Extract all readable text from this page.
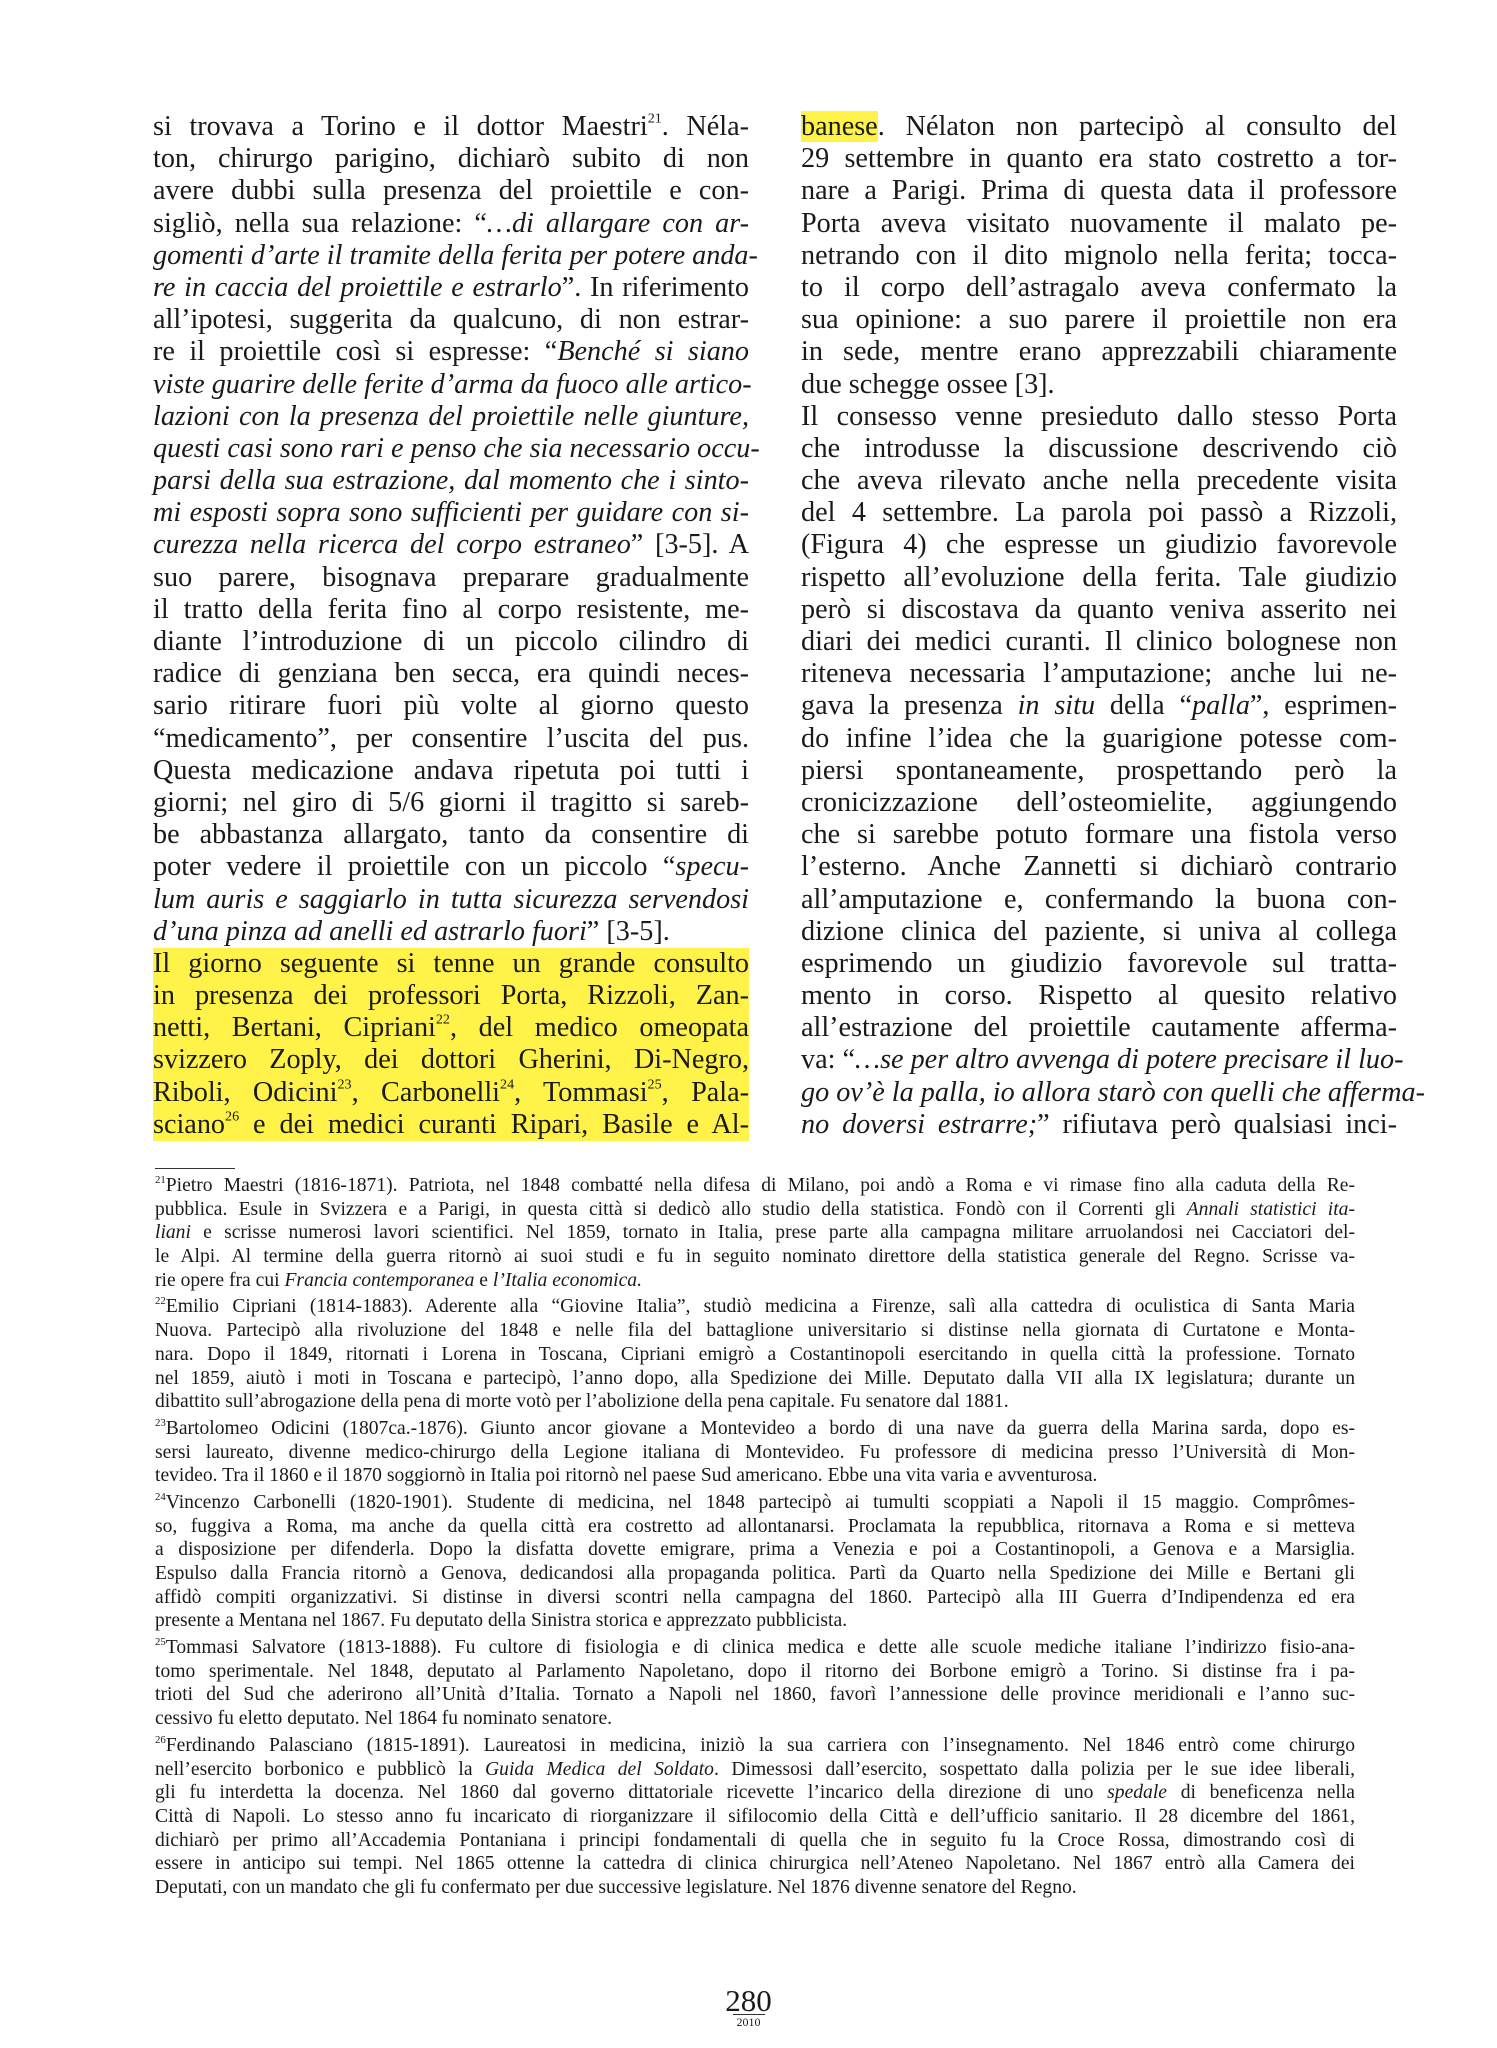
si trovava a Torino e il dottor Maestri$^{21}$. Néla-
ton, chirurgo parigino, dichiarò subito di non
avere dubbi sulla presenza del proiettile e con-
sigliò, nella sua relazione: “…di allargare con ar-
gomenti d’arte il tramite della ferita per potere anda-
re in caccia del proiettile e estrarlo”. In riferimento
all’ipotesi, suggerita da qualcuno, di non estrar-
re il proiettile così si espresse: “Benché si siano
viste guarire delle ferite d’arma da fuoco alle artico-
lazioni con la presenza del proiettile nelle giunture,
questi casi sono rari e penso che sia necessario occu-
parsi della sua estrazione, dal momento che i sinto-
mi esposti sopra sono sufficienti per guidare con si-
curezza nella ricerca del corpo estraneo” [3-5]. A
suo parere, bisognava preparare gradualmente
il tratto della ferita fino al corpo resistente, me-
diante l’introduzione di un piccolo cilindro di
radice di genziana ben secca, era quindi neces-
sario ritirare fuori più volte al giorno questo
“medicamento”, per consentire l’uscita del pus.
Questa medicazione andava ripetuta poi tutti i
giorni; nel giro di 5/6 giorni il tragitto si sareb-
be abbastanza allargato, tanto da consentire di
poter vedere il proiettile con un piccolo “specu-
lum auris e saggiarlo in tutta sicurezza servendosi
d’una pinza ad anelli ed astrarlo fuori” [3-5].
Il giorno seguente si tenne un grande consulto
in presenza dei professori Porta, Rizzoli, Zan-
netti, Bertani, Cipriani$^{22}$, del medico omeopata
svizzero Zoply, dei dottori Gherini, Di-Negro,
Riboli, Odicini$^{23}$, Carbonelli$^{24}$, Tommasi$^{25}$, Pala-
sciano$^{26}$ e dei medici curanti Ripari, Basile e Al-
banese. Nélaton non partecipò al consulto del
29 settembre in quanto era stato costretto a tor-
nare a Parigi. Prima di questa data il professore
Porta aveva visitato nuovamente il malato pe-
netrando con il dito mignolo nella ferita; tocca-
to il corpo dell’astragalo aveva confermato la
sua opinione: a suo parere il proiettile non era
in sede, mentre erano apprezzabili chiaramente
due schegge ossee [3].
Il consesso venne presieduto dallo stesso Porta
che introdusse la discussione descrivendo ciò
che aveva rilevato anche nella precedente visita
del 4 settembre. La parola poi passò a Rizzoli,
(Figura 4) che espresse un giudizio favorevole
rispetto all’evoluzione della ferita. Tale giudizio
però si discostava da quanto veniva asserito nei
diari dei medici curanti. Il clinico bolognese non
riteneva necessaria l’amputazione; anche lui ne-
gava la presenza in situ della “palla”, esprimen-
do infine l’idea che la guarigione potesse com-
piersi spontaneamente, prospettando però la
cronicizzazione dell’osteomielite, aggiungendo
che si sarebbe potuto formare una fistola verso
l’esterno. Anche Zannetti si dichiarò contrario
all’amputazione e, confermando la buona con-
dizione clinica del paziente, si univa al collega
esprimendo un giudizio favorevole sul tratta-
mento in corso. Rispetto al quesito relativo
all’estrazione del proiettile cautamente afferma-
va: “…se per altro avvenga di potere precisare il luo-
go ov’è la palla, io allora starò con quelli che afferma-
no doversi estrarre;” rifiutava però qualsiasi inci-
$^{21}$Pietro Maestri (1816-1871). Patriota, nel 1848 combatté nella difesa di Milano, poi andò a Roma e vi rimase fino alla caduta della Re-
pubblica. Esule in Svizzera e a Parigi, in questa città si dedicò allo studio della statistica. Fondò con il Correnti gli Annali statistici ita-
liani e scrisse numerosi lavori scientifici. Nel 1859, tornato in Italia, prese parte alla campagna militare arruolandosi nei Cacciatori del-
le Alpi. Al termine della guerra ritornò ai suoi studi e fu in seguito nominato direttore della statistica generale del Regno. Scrisse va-
rie opere fra cui Francia contemporanea e l’Italia economica.
$^{22}$Emilio Cipriani (1814-1883). Aderente alla “Giovine Italia”, studiò medicina a Firenze, salì alla cattedra di oculistica di Santa Maria
Nuova. Partecipò alla rivoluzione del 1848 e nelle fila del battaglione universitario si distinse nella giornata di Curtatone e Monta-
nara. Dopo il 1849, ritornati i Lorena in Toscana, Cipriani emigrò a Costantinopoli esercitando in quella città la professione. Tornato
nel 1859, aiutò i moti in Toscana e partecipò, l’anno dopo, alla Spedizione dei Mille. Deputato dalla VII alla IX legislatura; durante un
dibattito sull’abrogazione della pena di morte votò per l’abolizione della pena capitale. Fu senatore dal 1881.
$^{23}$Bartolomeo Odicini (1807ca.-1876). Giunto ancor giovane a Montevideo a bordo di una nave da guerra della Marina sarda, dopo es-
sersi laureato, divenne medico-chirurgo della Legione italiana di Montevideo. Fu professore di medicina presso l’Università di Mon-
tevideo. Tra il 1860 e il 1870 soggiornò in Italia poi ritornò nel paese Sud americano. Ebbe una vita varia e avventurosa.
$^{24}$Vincenzo Carbonelli (1820-1901). Studente di medicina, nel 1848 partecipò ai tumulti scoppiati a Napoli il 15 maggio. Comprômes-
so, fuggiva a Roma, ma anche da quella città era costretto ad allontanarsi. Proclamata la repubblica, ritornava a Roma e si metteva
a disposizione per difenderla. Dopo la disfatta dovette emigrare, prima a Venezia e poi a Costantinopoli, a Genova e a Marsiglia.
Espulso dalla Francia ritornò a Genova, dedicandosi alla propaganda politica. Partì da Quarto nella Spedizione dei Mille e Bertani gli
affidò compiti organizzativi. Si distinse in diversi scontri nella campagna del 1860. Partecipò alla III Guerra d’Indipendenza ed era
presente a Mentana nel 1867. Fu deputato della Sinistra storica e apprezzato pubblicista.
$^{25}$Tommasi Salvatore (1813-1888). Fu cultore di fisiologia e di clinica medica e dette alle scuole mediche italiane l’indirizzo fisio-ana-
tomo sperimentale. Nel 1848, deputato al Parlamento Napoletano, dopo il ritorno dei Borbone emigrò a Torino. Si distinse fra i pa-
trioti del Sud che aderirono all’Unità d’Italia. Tornato a Napoli nel 1860, favorì l’annessione delle province meridionali e l’anno suc-
cessivo fu eletto deputato. Nel 1864 fu nominato senatore.
$^{26}$Ferdinando Palasciano (1815-1891). Laureatosi in medicina, iniziò la sua carriera con l’insegnamento. Nel 1846 entrò come chirurgo
nell’esercito borbonico e pubblicò la Guida Medica del Soldato. Dimessosi dall’esercito, sospettato dalla polizia per le sue idee liberali,
gli fu interdetta la docenza. Nel 1860 dal governo dittatoriale ricevette l’incarico della direzione di uno spedale di beneficenza nella
Città di Napoli. Lo stesso anno fu incaricato di riorganizzare il sifilocomio della Città e dell’ufficio sanitario. Il 28 dicembre del 1861,
dichiarò per primo all’Accademia Pontaniana i principi fondamentali di quella che in seguito fu la Croce Rossa, dimostrando così di
essere in anticipo sui tempi. Nel 1865 ottenne la cattedra di clinica chirurgica nell’Ateneo Napoletano. Nel 1867 entrò alla Camera dei
Deputati, con un mandato che gli fu confermato per due successive legislature. Nel 1876 divenne senatore del Regno.
280
2010
